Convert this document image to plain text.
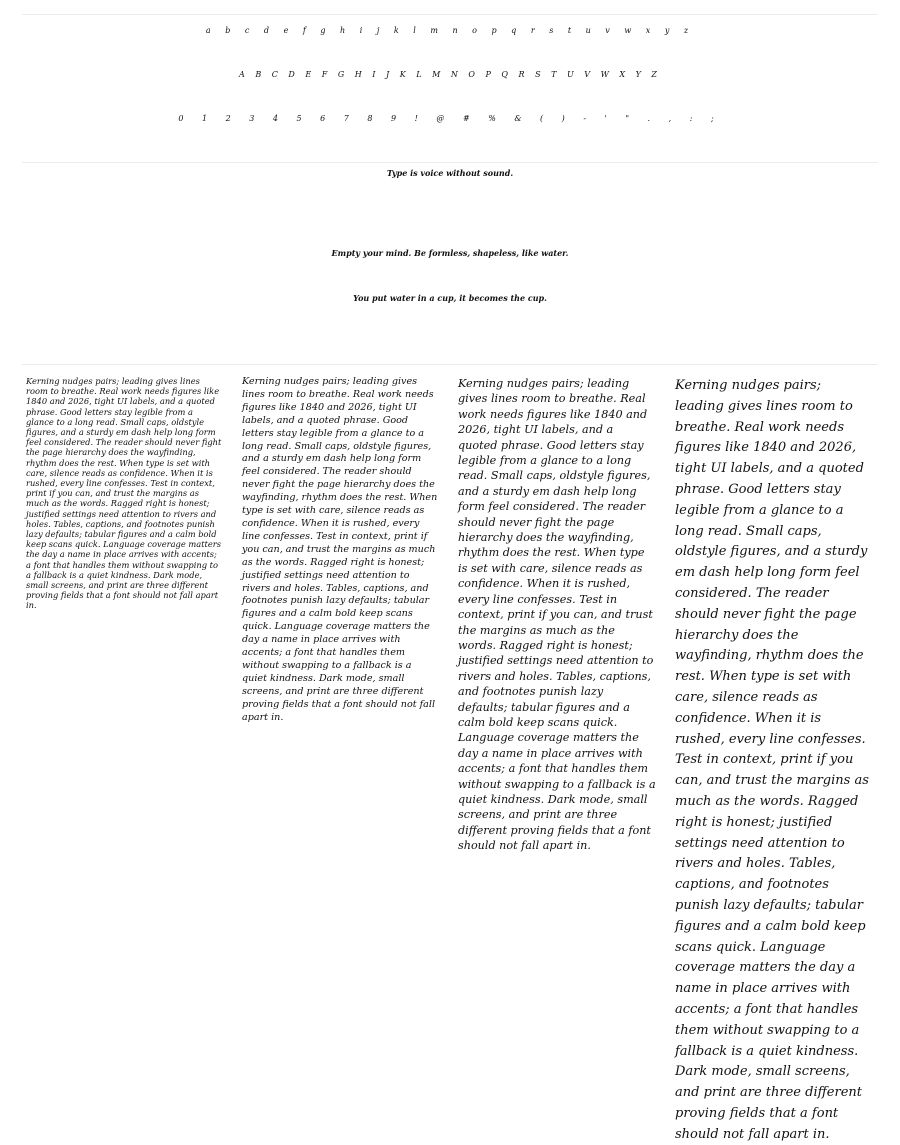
a b c d e f g h i j k l m n o p q r s t u v w x y z
A B C D E F G H I J K L M N O P Q R S T U V W X Y Z
0 1 2 3 4 5 6 7 8 9 ! @ # % & ( ) - ' " . , : ;
Type is voice without sound.
Empty your mind. Be formless, shapeless, like water.
You put water in a cup, it becomes the cup.

Kerning nudges pairs; leading gives lines room to breathe. Real work needs figures like 1840 and 2026, tight UI labels, and a quoted phrase. Good letters stay legible from a glance to a long read. Small caps, oldstyle figures, and a sturdy em dash help long form feel considered. The reader should never fight the page hierarchy does the wayfinding, rhythm does the rest. When type is set with care, silence reads as confidence. When it is rushed, every line confesses. Test in context, print if you can, and trust the margins as much as the words. Ragged right is honest; justified settings need attention to rivers and holes. Tables, captions, and footnotes punish lazy defaults; tabular figures and a calm bold keep scans quick. Language coverage matters the day a name in place arrives with accents; a font that handles them without swapping to a fallback is a quiet kindness. Dark mode, small screens, and print are three different proving fields that a font should not fall apart in.

Kerning nudges pairs; leading gives lines room to breathe. Real work needs figures like 1840 and 2026, tight UI labels, and a quoted phrase. Good letters stay legible from a glance to a long read. Small caps, oldstyle figures, and a sturdy em dash help long form feel considered. The reader should never fight the page hierarchy does the wayfinding, rhythm does the rest. When type is set with care, silence reads as confidence. When it is rushed, every line confesses. Test in context, print if you can, and trust the margins as much as the words. Ragged right is honest; justified settings need attention to rivers and holes. Tables, captions, and footnotes punish lazy defaults; tabular figures and a calm bold keep scans quick. Language coverage matters the day a name in place arrives with accents; a font that handles them without swapping to a fallback is a quiet kindness. Dark mode, small screens, and print are three different proving fields that a font should not fall apart in.

Kerning nudges pairs; leading gives lines room to breathe. Real work needs figures like 1840 and 2026, tight UI labels, and a quoted phrase. Good letters stay legible from a glance to a long read. Small caps, oldstyle figures, and a sturdy em dash help long form feel considered. The reader should never fight the page hierarchy does the wayfinding, rhythm does the rest. When type is set with care, silence reads as confidence. When it is rushed, every line confesses. Test in context, print if you can, and trust the margins as much as the words. Ragged right is honest; justified settings need attention to rivers and holes. Tables, captions, and footnotes punish lazy defaults; tabular figures and a calm bold keep scans quick. Language coverage matters the day a name in place arrives with accents; a font that handles them without swapping to a fallback is a quiet kindness. Dark mode, small screens, and print are three different proving fields that a font should not fall apart in.

Kerning nudges pairs; leading gives lines room to breathe. Real work needs figures like 1840 and 2026, tight UI labels, and a quoted phrase. Good letters stay legible from a glance to a long read. Small caps, oldstyle figures, and a sturdy em dash help long form feel considered. The reader should never fight the page hierarchy does the wayfinding, rhythm does the rest. When type is set with care, silence reads as confidence. When it is rushed, every line confesses. Test in context, print if you can, and trust the margins as much as the words. Ragged right is honest; justified settings need attention to rivers and holes. Tables, captions, and footnotes punish lazy defaults; tabular figures and a calm bold keep scans quick. Language coverage matters the day a name in place arrives with accents; a font that handles them without swapping to a fallback is a quiet kindness. Dark mode, small screens, and print are three different proving fields that a font should not fall apart in.
